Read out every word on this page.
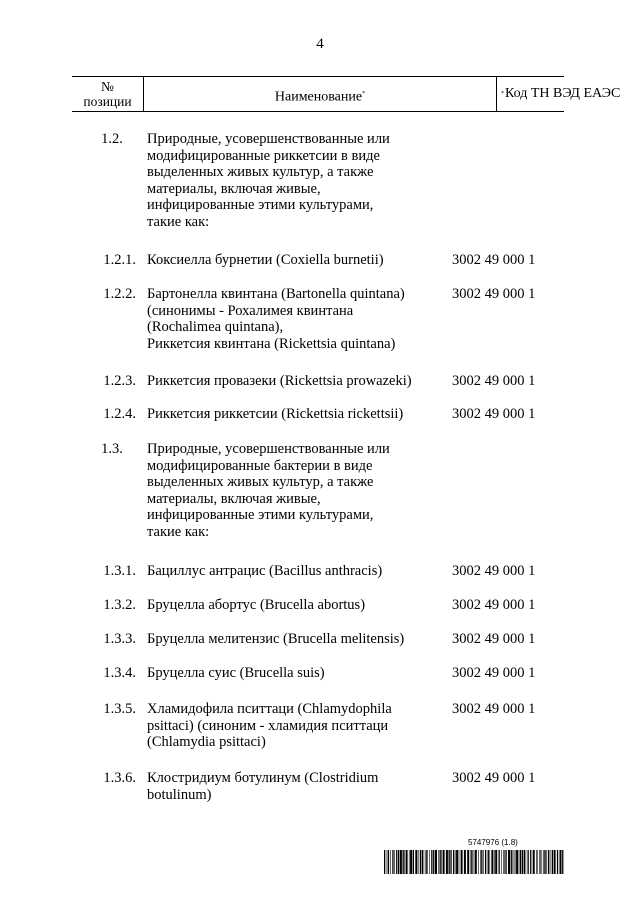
4
№
позиции	Наименование*	Код ТН ВЭД ЕАЭС
*
1.2.	Природные, усовершенствованные или
модифицированные риккетсии в виде
выделенных живых культур, а также
материалы, включая живые,
инфицированные этими культурами,
такие как:
1.2.1. Коксиелла бурнетии (Coxiella burnetii)	3002 49 000 1
1.2.2. Бартонелла квинтана (Bartonella quintana)
(синонимы - Рохалимея квинтана
(Rochalimea quintana),
Риккетсия квинтана (Rickettsia quintana)
3002 49 000 1
1.2.3. Риккетсия провазеки (Rickettsia prowazeki)	3002 49 000 1
1.2.4. Риккетсия риккетсии (Rickettsia rickettsii)	3002 49 000 1
1.3.	Природные, усовершенствованные или
модифицированные бактерии в виде
выделенных живых культур, а также
материалы, включая живые,
инфицированные этими культурами,
такие как:
1.3.1. Бациллус антрацис (Bacillus anthracis)	3002 49 000 1
1.3.2. Бруцелла абортус (Brucella abortus)	3002 49 000 1
1.3.3. Бруцелла мелитензис (Brucella melitensis)	3002 49 000 1
1.3.4. Бруцелла суис (Brucella suis)	3002 49 000 1
1.3.5. Хламидофила пситтаци (Chlamydophila
psittaci) (синоним - хламидия пситтаци
(Chlamydia psittaci)
3002 49 000 1
1.3.6. Клостридиум ботулинум (Clostridium
botulinum)
3002 49 000 1
5747976 (1.8)
